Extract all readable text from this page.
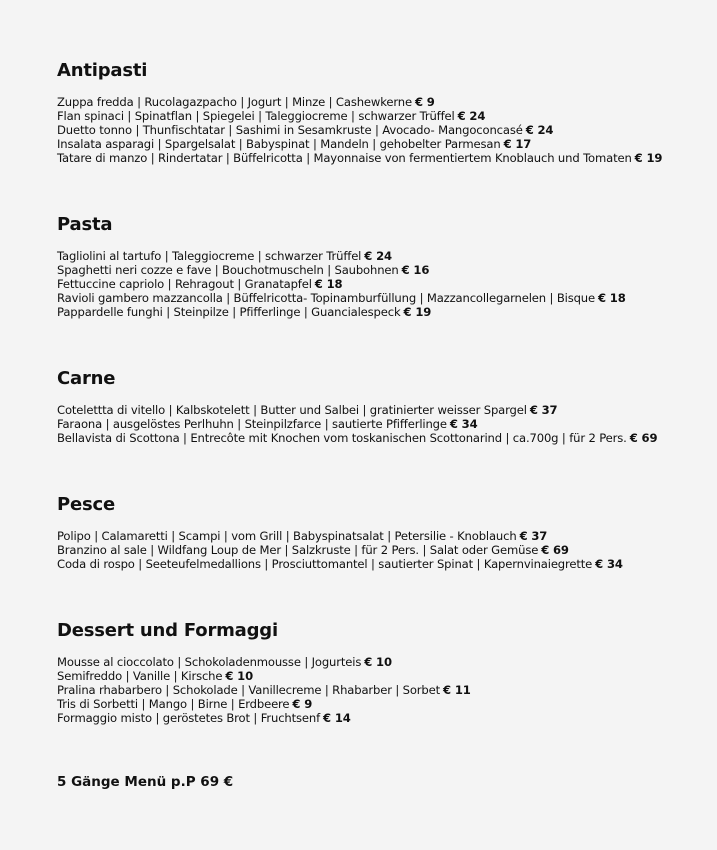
Antipasti
Zuppa fredda | Rucolagazpacho | Jogurt | Minze | Cashewkerne € 9
Flan spinaci | Spinatflan | Spiegelei | Taleggiocreme | schwarzer Trüffel € 24
Duetto tonno | Thunfischtatar | Sashimi in Sesamkruste | Avocado- Mangoconcasé € 24
Insalata asparagi | Spargelsalat | Babyspinat | Mandeln | gehobelter Parmesan € 17
Tatare di manzo | Rindertatar | Büffelricotta | Mayonnaise von fermentiertem Knoblauch und Tomaten € 19
Pasta
Tagliolini al tartufo | Taleggiocreme | schwarzer Trüffel € 24
Spaghetti neri cozze e fave | Bouchotmuscheln | Saubohnen € 16
Fettuccine capriolo | Rehragout | Granatapfel € 18
Ravioli gambero mazzancolla | Büffelricotta- Topinamburfüllung | Mazzancollegarnelen | Bisque € 18
Pappardelle funghi | Steinpilze | Pfifferlinge | Guancialespeck € 19
Carne
Cotelettta di vitello | Kalbskotelett | Butter und Salbei | gratinierter weisser Spargel € 37
Faraona | ausgelöstes Perlhuhn | Steinpilzfarce | sautierte Pfifferlinge € 34
Bellavista di Scottona | Entrecôte mit Knochen vom toskanischen Scottonarind | ca.700g | für 2 Pers. € 69
Pesce
Polipo | Calamaretti | Scampi | vom Grill | Babyspinatsalat | Petersilie - Knoblauch € 37
Branzino al sale | Wildfang Loup de Mer | Salzkruste | für 2 Pers. | Salat oder Gemüse € 69
Coda di rospo | Seeteufelmedallions | Prosciuttomantel | sautierter Spinat | Kapernvinaiegrette € 34
Dessert und Formaggi
Mousse al cioccolato | Schokoladenmousse | Jogurteis € 10
Semifreddo | Vanille | Kirsche € 10
Pralina rhabarbero | Schokolade | Vanillecreme | Rhabarber | Sorbet € 11
Tris di Sorbetti | Mango | Birne | Erdbeere € 9
Formaggio misto | geröstetes Brot | Fruchtsenf € 14
5 Gänge Menü p.P 69 €
